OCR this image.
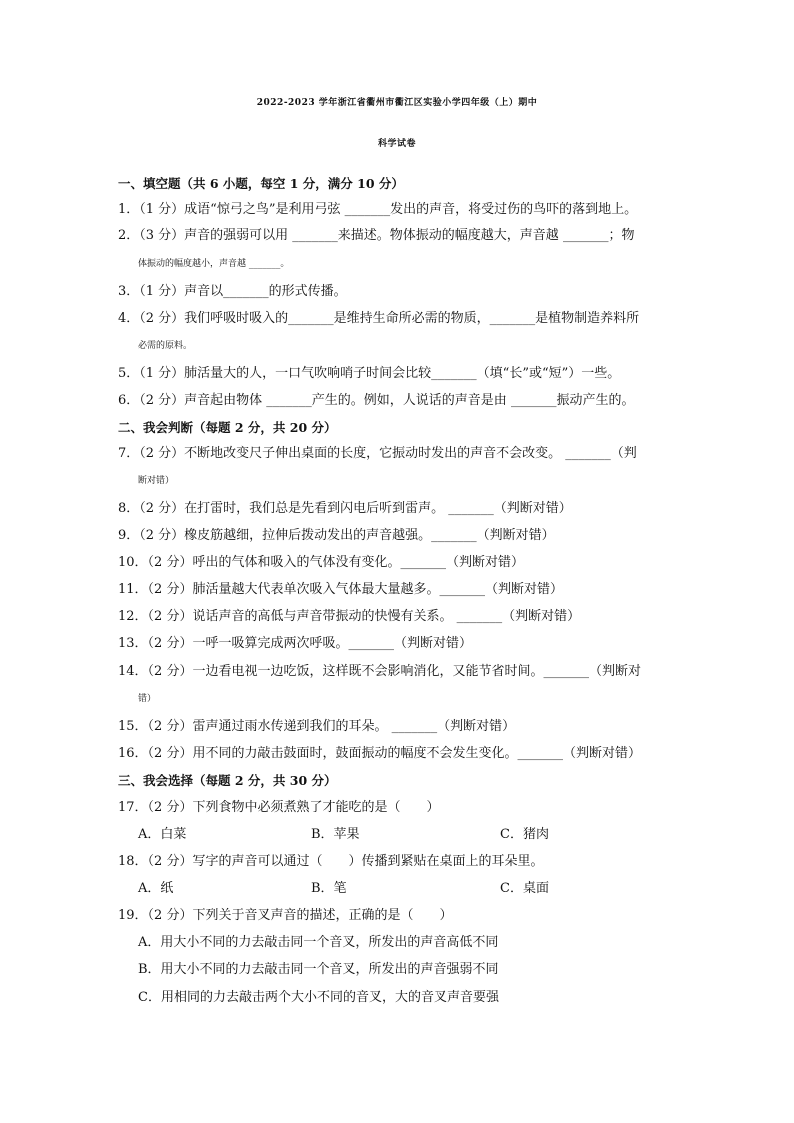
2022-2023 学年浙江省衢州市衢江区实验小学四年级（上）期中
科学试卷
一、填空题（共 6 小题，每空 1 分，满分 10 分）
1．（1 分）成语“惊弓之鸟”是利用弓弦 _______发出的声音，将受过伤的鸟吓的落到地上。
2．（3 分）声音的强弱可以用 _______来描述。物体振动的幅度越大，声音越 _______；物
体振动的幅度越小，声音越 _______。
3．（1 分）声音以_______的形式传播。
4．（2 分）我们呼吸时吸入的_______是维持生命所必需的物质，_______是植物制造养料所
必需的原料。
5．（1 分）肺活量大的人，一口气吹响哨子时间会比较_______（填“长”或“短”）一些。
6．（2 分）声音起由物体 _______产生的。例如，人说话的声音是由 _______振动产生的。
二、我会判断（每题 2 分，共 20 分）
7．（2 分）不断地改变尺子伸出桌面的长度，它振动时发出的声音不会改变。 _______（判
断对错）
8．（2 分）在打雷时，我们总是先看到闪电后听到雷声。 _______（判断对错）
9．（2 分）橡皮筋越细，拉伸后拨动发出的声音越强。_______（判断对错）
10．（2 分）呼出的气体和吸入的气体没有变化。_______（判断对错）
11．（2 分）肺活量越大代表单次吸入气体最大量越多。_______（判断对错）
12．（2 分）说话声音的高低与声音带振动的快慢有关系。 _______（判断对错）
13．（2 分）一呼一吸算完成两次呼吸。_______（判断对错）
14．（2 分）一边看电视一边吃饭，这样既不会影响消化，又能节省时间。_______（判断对
错）
15．（2 分）雷声通过雨水传递到我们的耳朵。 _______（判断对错）
16．（2 分）用不同的力敲击鼓面时，鼓面振动的幅度不会发生变化。_______（判断对错）
三、我会选择（每题 2 分，共 30 分）
17．（2 分）下列食物中必须煮熟了才能吃的是（　　）
A．白菜	B．苹果	C．猪肉
18．（2 分）写字的声音可以通过（　　）传播到紧贴在桌面上的耳朵里。
A．纸	B．笔	C．桌面
19．（2 分）下列关于音叉声音的描述，正确的是（　　）
A．用大小不同的力去敲击同一个音叉，所发出的声音高低不同
B．用大小不同的力去敲击同一个音叉，所发出的声音强弱不同
C．用相同的力去敲击两个大小不同的音叉，大的音叉声音要强
